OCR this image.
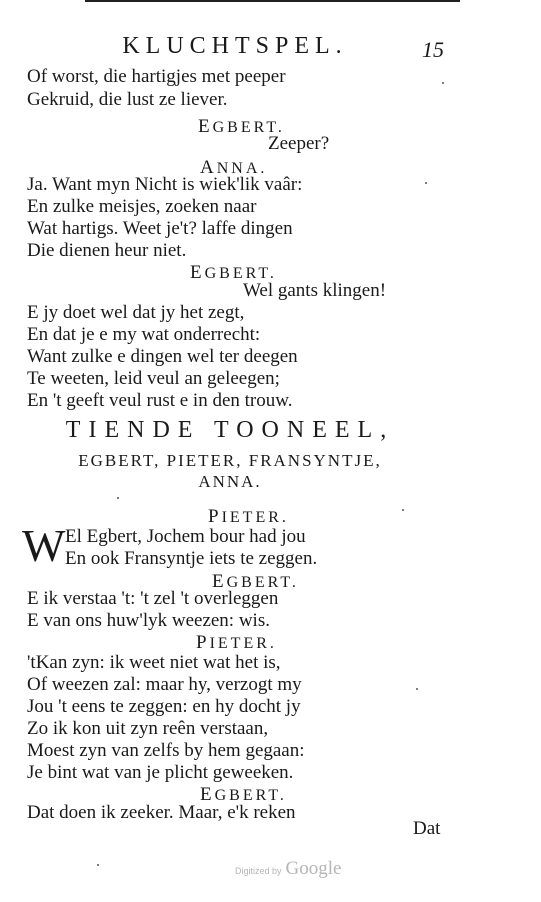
KLUCHTSPEL.	15
Of worst, die hartigjes met peeper
Gekruid, die lust ze liever.
EGBERT.
Zeeper?
ANNA.
Ja. Want myn Nicht is wiek'lik vaâr:
En zulke meisjes, zoeken naar
Wat hartigs. Weet je't? laffe dingen
Die dienen heur niet.
EGBERT.
Wel gants klingen!
E jy doet wel dat jy het zegt,
En dat je e my wat onderrecht:
Want zulke e dingen wel ter deegen
Te weeten, leid veul an geleegen;
En 't geeft veul rust e in den trouw.
TIENDE TOONEEL,
EGBERT, PIETER, FRANSYNTJE,
ANNA.
PIETER.
W El Egbert, Jochem bour had jou
En ook Fransyntje iets te zeggen.
EGBERT.
E ik verstaa 't: 't zel 't overleggen
E van ons huw'lyk weezen: wis.
PIETER.
'tKan zyn: ik weet niet wat het is,
Of weezen zal: maar hy, verzogt my
Jou 't eens te zeggen: en hy docht jy
Zo ik kon uit zyn reên verstaan,
Moest zyn van zelfs by hem gegaan:
Je bint wat van je plicht geweeken.
EGBERT.
Dat doen ik zeeker. Maar, e'k reken
Dat
Digitized by Google
